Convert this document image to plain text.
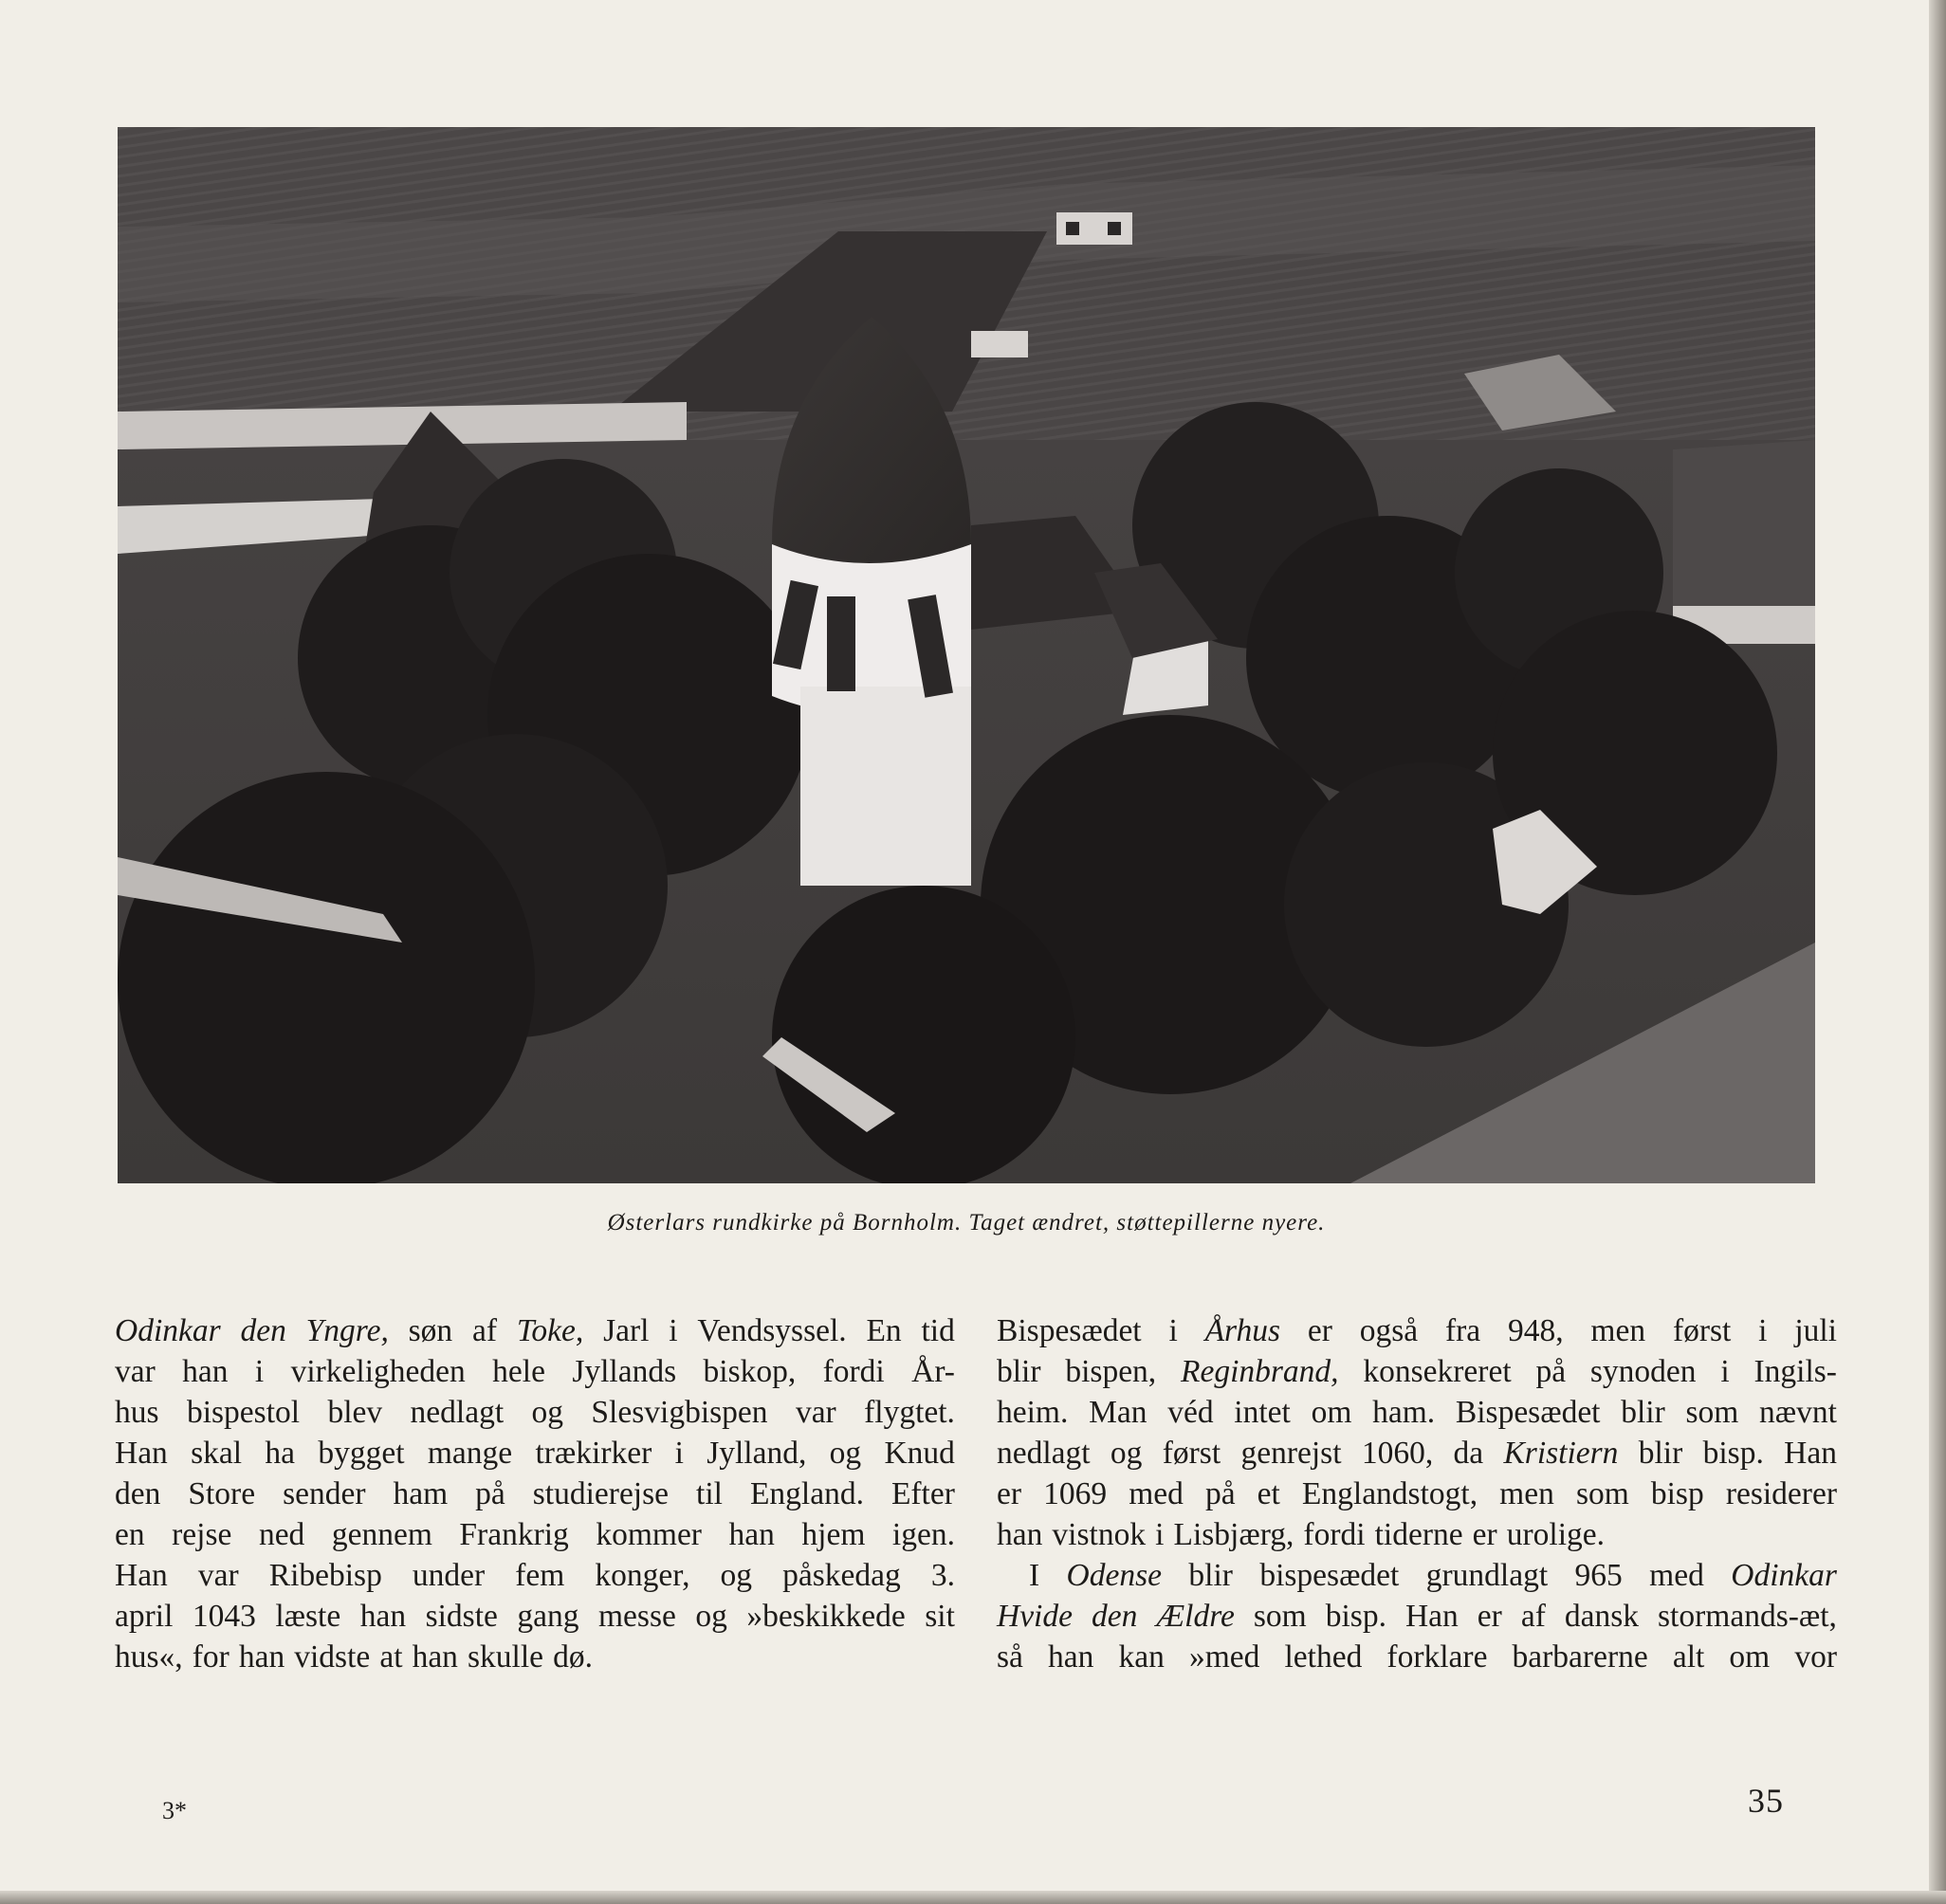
Østerlars rundkirke på Bornholm. Taget ændret, støttepillerne nyere.
Odinkar den Yngre, søn af Toke, Jarl i Vendsyssel. En tid
var han i virkeligheden hele Jyllands biskop, fordi År-
hus bispestol blev nedlagt og Slesvigbispen var flygtet.
Han skal ha bygget mange trækirker i Jylland, og Knud
den Store sender ham på studierejse til England. Efter
en rejse ned gennem Frankrig kommer han hjem igen.
Han var Ribebisp under fem konger, og påskedag 3.
april 1043 læste han sidste gang messe og »beskikkede sit
hus«, for han vidste at han skulle dø.
Bispesædet i Århus er også fra 948, men først i juli
blir bispen, Reginbrand, konsekreret på synoden i Ingils-
heim. Man véd intet om ham. Bispesædet blir som nævnt
nedlagt og først genrejst 1060, da Kristiern blir bisp. Han
er 1069 med på et Englandstogt, men som bisp residerer
han vistnok i Lisbjærg, fordi tiderne er urolige.
I Odense blir bispesædet grundlagt 965 med Odinkar
Hvide den Ældre som bisp. Han er af dansk stormands-æt,
så han kan »med lethed forklare barbarerne alt om vor
3*	35
